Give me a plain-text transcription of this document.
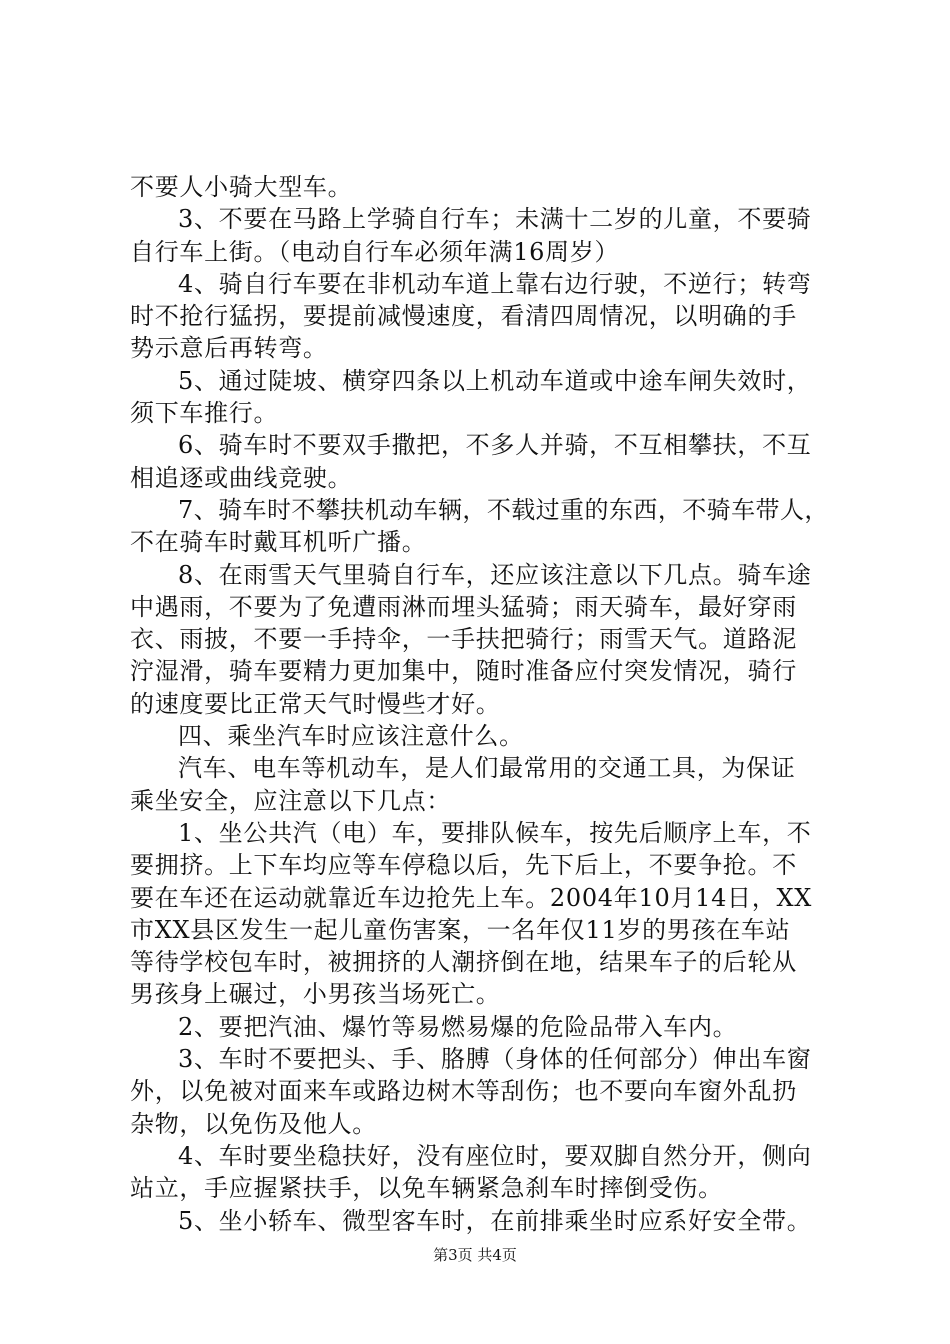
不要人小骑大型车。
3、不要在马路上学骑自行车；未满十二岁的儿童，不要骑
自行车上街。（电动自行车必须年满16周岁）
4、骑自行车要在非机动车道上靠右边行驶，不逆行；转弯
时不抢行猛拐，要提前减慢速度，看清四周情况，以明确的手
势示意后再转弯。
5、通过陡坡、横穿四条以上机动车道或中途车闸失效时，
须下车推行。
6、骑车时不要双手撒把，不多人并骑，不互相攀扶，不互
相追逐或曲线竞驶。
7、骑车时不攀扶机动车辆，不载过重的东西，不骑车带人，
不在骑车时戴耳机听广播。
8、在雨雪天气里骑自行车，还应该注意以下几点。骑车途
中遇雨，不要为了免遭雨淋而埋头猛骑；雨天骑车，最好穿雨
衣、雨披，不要一手持伞，一手扶把骑行；雨雪天气。道路泥
泞湿滑，骑车要精力更加集中，随时准备应付突发情况，骑行
的速度要比正常天气时慢些才好。
四、乘坐汽车时应该注意什么。
汽车、电车等机动车，是人们最常用的交通工具，为保证
乘坐安全，应注意以下几点：
1、坐公共汽（电）车，要排队候车，按先后顺序上车，不
要拥挤。上下车均应等车停稳以后，先下后上，不要争抢。不
要在车还在运动就靠近车边抢先上车。2004年10月14日，XX
市XX县区发生一起儿童伤害案，一名年仅11岁的男孩在车站
等待学校包车时，被拥挤的人潮挤倒在地，结果车子的后轮从
男孩身上碾过，小男孩当场死亡。
2、要把汽油、爆竹等易燃易爆的危险品带入车内。
3、车时不要把头、手、胳膊（身体的任何部分）伸出车窗
外，以免被对面来车或路边树木等刮伤；也不要向车窗外乱扔
杂物，以免伤及他人。
4、车时要坐稳扶好，没有座位时，要双脚自然分开，侧向
站立，手应握紧扶手，以免车辆紧急刹车时摔倒受伤。
5、坐小轿车、微型客车时，在前排乘坐时应系好安全带。
第3页 共4页
